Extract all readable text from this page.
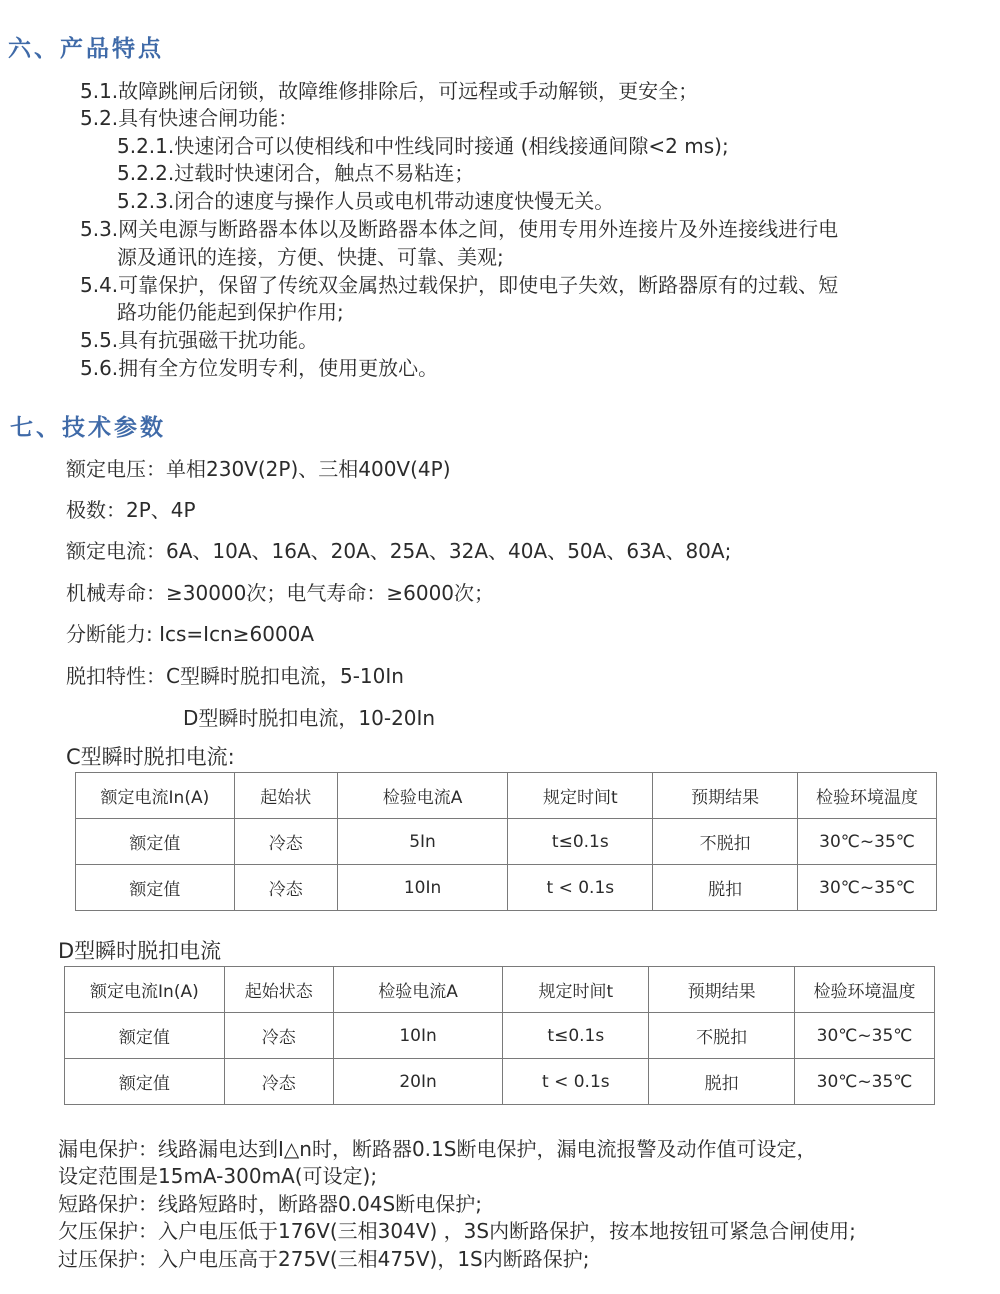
六、产品特点
5.1.故障跳闸后闭锁，故障维修排除后，可远程或手动解锁，更安全；
5.2.具有快速合闸功能：
5.2.1.快速闭合可以使相线和中性线同时接通 (相线接通间隙<2 ms);
5.2.2.过载时快速闭合，触点不易粘连；
5.2.3.闭合的速度与操作人员或电机带动速度快慢无关。
5.3.网关电源与断路器本体以及断路器本体之间，使用专用外连接片及外连接线进行电
源及通讯的连接，方便、快捷、可靠、美观;
5.4.可靠保护，保留了传统双金属热过载保护，即使电子失效，断路器原有的过载、短
路功能仍能起到保护作用;
5.5.具有抗强磁干扰功能。
5.6.拥有全方位发明专利，使用更放心。
七、技术参数
额定电压：单相230V(2P)、三相400V(4P)
极数：2P、4P
额定电流：6A、10A、16A、20A、25A、32A、40A、50A、63A、80A;
机械寿命：≥30000次；电气寿命：≥6000次；
分断能力: Ics=Icn≥6000A
脱扣特性：C型瞬时脱扣电流，5-10In
D型瞬时脱扣电流，10-20In
C型瞬时脱扣电流:
额定电流In(A)	起始状	检验电流A	规定时间t	预期结果	检验环境温度
额定值	冷态	5In	t≤0.1s	不脱扣	30℃~35℃
额定值	冷态	10In	t < 0.1s	脱扣	30℃~35℃
D型瞬时脱扣电流
额定电流In(A)	起始状态	检验电流A	规定时间t	预期结果	检验环境温度
额定值	冷态	10In	t≤0.1s	不脱扣	30℃~35℃
额定值	冷态	20In	t < 0.1s	脱扣	30℃~35℃
漏电保护：线路漏电达到I△n时，断路器0.1S断电保护，漏电流报警及动作值可设定，
设定范围是15mA-300mA(可设定);
短路保护：线路短路时，断路器0.04S断电保护;
欠压保护：入户电压低于176V(三相304V) ，3S内断路保护，按本地按钮可紧急合闸使用;
过压保护：入户电压高于275V(三相475V)，1S内断路保护;
